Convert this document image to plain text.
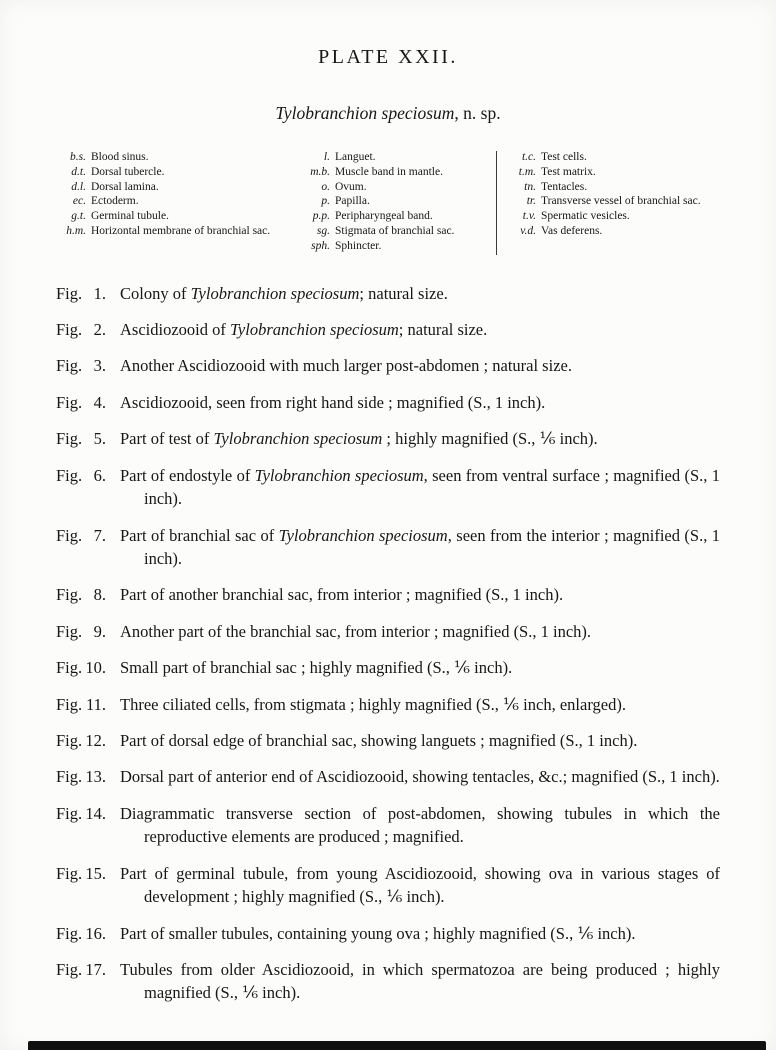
PLATE XXII.
Tylobranchion speciosum, n. sp.
b.s. Blood sinus.
d.t. Dorsal tubercle.
d.l. Dorsal lamina.
ec. Ectoderm.
g.t. Germinal tubule.
h.m. Horizontal membrane of branchial sac.
l. Languet.
m.b. Muscle band in mantle.
o. Ovum.
p. Papilla.
p.p. Peripharyngeal band.
sg. Stigmata of branchial sac.
sph. Sphincter.
t.c. Test cells.
t.m. Test matrix.
tn. Tentacles.
tr. Transverse vessel of branchial sac.
t.v. Spermatic vesicles.
v.d. Vas deferens.
Fig. 1. Colony of Tylobranchion speciosum; natural size.
Fig. 2. Ascidiozooid of Tylobranchion speciosum; natural size.
Fig. 3. Another Ascidiozooid with much larger post-abdomen ; natural size.
Fig. 4. Ascidiozooid, seen from right hand side ; magnified (S., 1 inch).
Fig. 5. Part of test of Tylobranchion speciosum ; highly magnified (S., ⅙ inch).
Fig. 6. Part of endostyle of Tylobranchion speciosum, seen from ventral surface ; magnified (S., 1 inch).
Fig. 7. Part of branchial sac of Tylobranchion speciosum, seen from the interior ; magnified (S., 1 inch).
Fig. 8. Part of another branchial sac, from interior ; magnified (S., 1 inch).
Fig. 9. Another part of the branchial sac, from interior ; magnified (S., 1 inch).
Fig. 10. Small part of branchial sac ; highly magnified (S., ⅙ inch).
Fig. 11. Three ciliated cells, from stigmata ; highly magnified (S., ⅙ inch, enlarged).
Fig. 12. Part of dorsal edge of branchial sac, showing languets ; magnified (S., 1 inch).
Fig. 13. Dorsal part of anterior end of Ascidiozooid, showing tentacles, &c.; magnified (S., 1 inch).
Fig. 14. Diagrammatic transverse section of post-abdomen, showing tubules in which the reproductive elements are produced ; magnified.
Fig. 15. Part of germinal tubule, from young Ascidiozooid, showing ova in various stages of development ; highly magnified (S., ⅙ inch).
Fig. 16. Part of smaller tubules, containing young ova ; highly magnified (S., ⅙ inch).
Fig. 17. Tubules from older Ascidiozooid, in which spermatozoa are being produced ; highly magnified (S., ⅙ inch).
